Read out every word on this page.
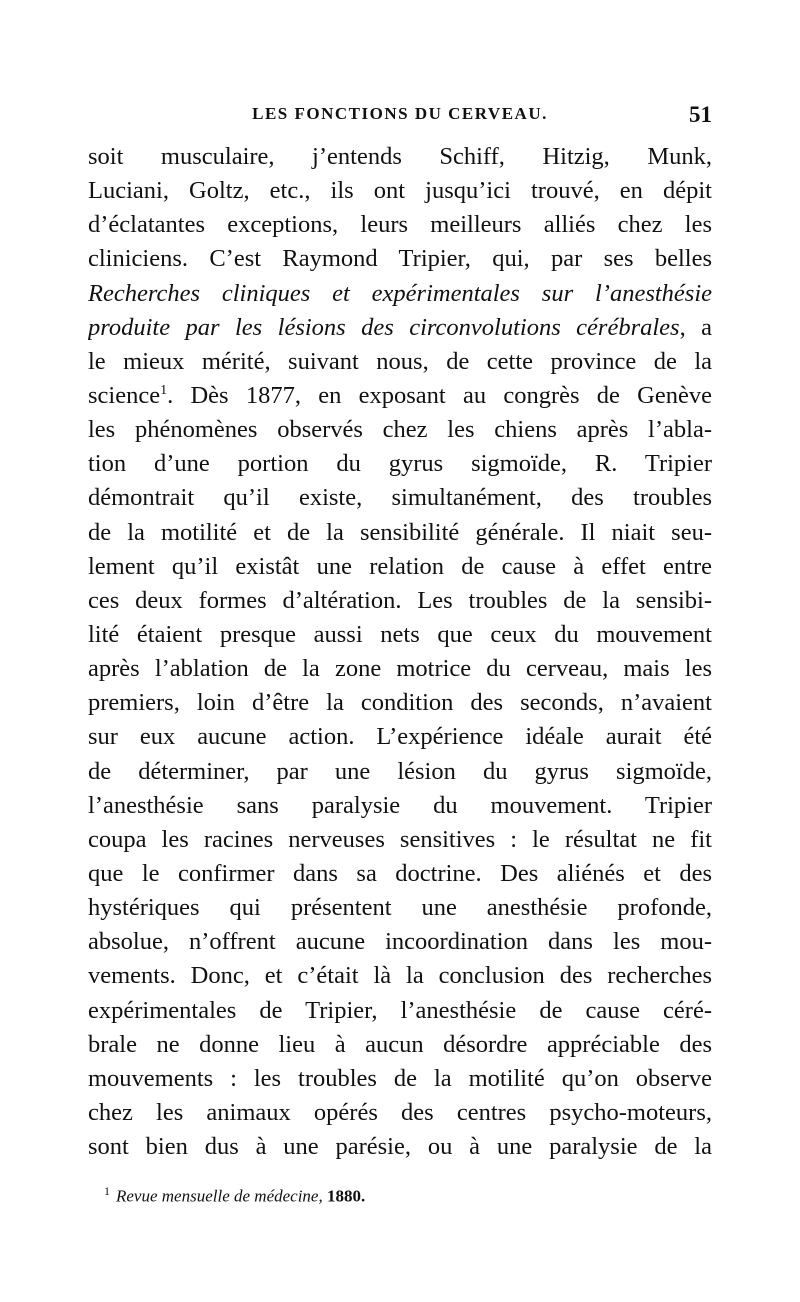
LES FONCTIONS DU CERVEAU.	51
soit musculaire, j’entends Schiff, Hitzig, Munk,
Luciani, Goltz, etc., ils ont jusqu’ici trouvé, en dépit
d’éclatantes exceptions, leurs meilleurs alliés chez les
cliniciens. C’est Raymond Tripier, qui, par ses belles
Recherches cliniques et expérimentales sur l’anesthésie
produite par les lésions des circonvolutions cérébrales, a
le mieux mérité, suivant nous, de cette province de la
science$^1$. Dès 1877, en exposant au congrès de Genève
les phénomènes observés chez les chiens après l’abla-
tion d’une portion du gyrus sigmoïde, R. Tripier
démontrait qu’il existe, simultanément, des troubles
de la motilité et de la sensibilité générale. Il niait seu-
lement qu’il existât une relation de cause à effet entre
ces deux formes d’altération. Les troubles de la sensibi-
lité étaient presque aussi nets que ceux du mouvement
après l’ablation de la zone motrice du cerveau, mais les
premiers, loin d’être la condition des seconds, n’avaient
sur eux aucune action. L’expérience idéale aurait été
de déterminer, par une lésion du gyrus sigmoïde,
l’anesthésie sans paralysie du mouvement. Tripier
coupa les racines nerveuses sensitives : le résultat ne fit
que le confirmer dans sa doctrine. Des aliénés et des
hystériques qui présentent une anesthésie profonde,
absolue, n’offrent aucune incoordination dans les mou-
vements. Donc, et c’était là la conclusion des recherches
expérimentales de Tripier, l’anesthésie de cause céré-
brale ne donne lieu à aucun désordre appréciable des
mouvements : les troubles de la motilité qu’on observe
chez les animaux opérés des centres psycho-moteurs,
sont bien dus à une parésie, ou à une paralysie de la
$^1$ Revue mensuelle de médecine, 1880.
